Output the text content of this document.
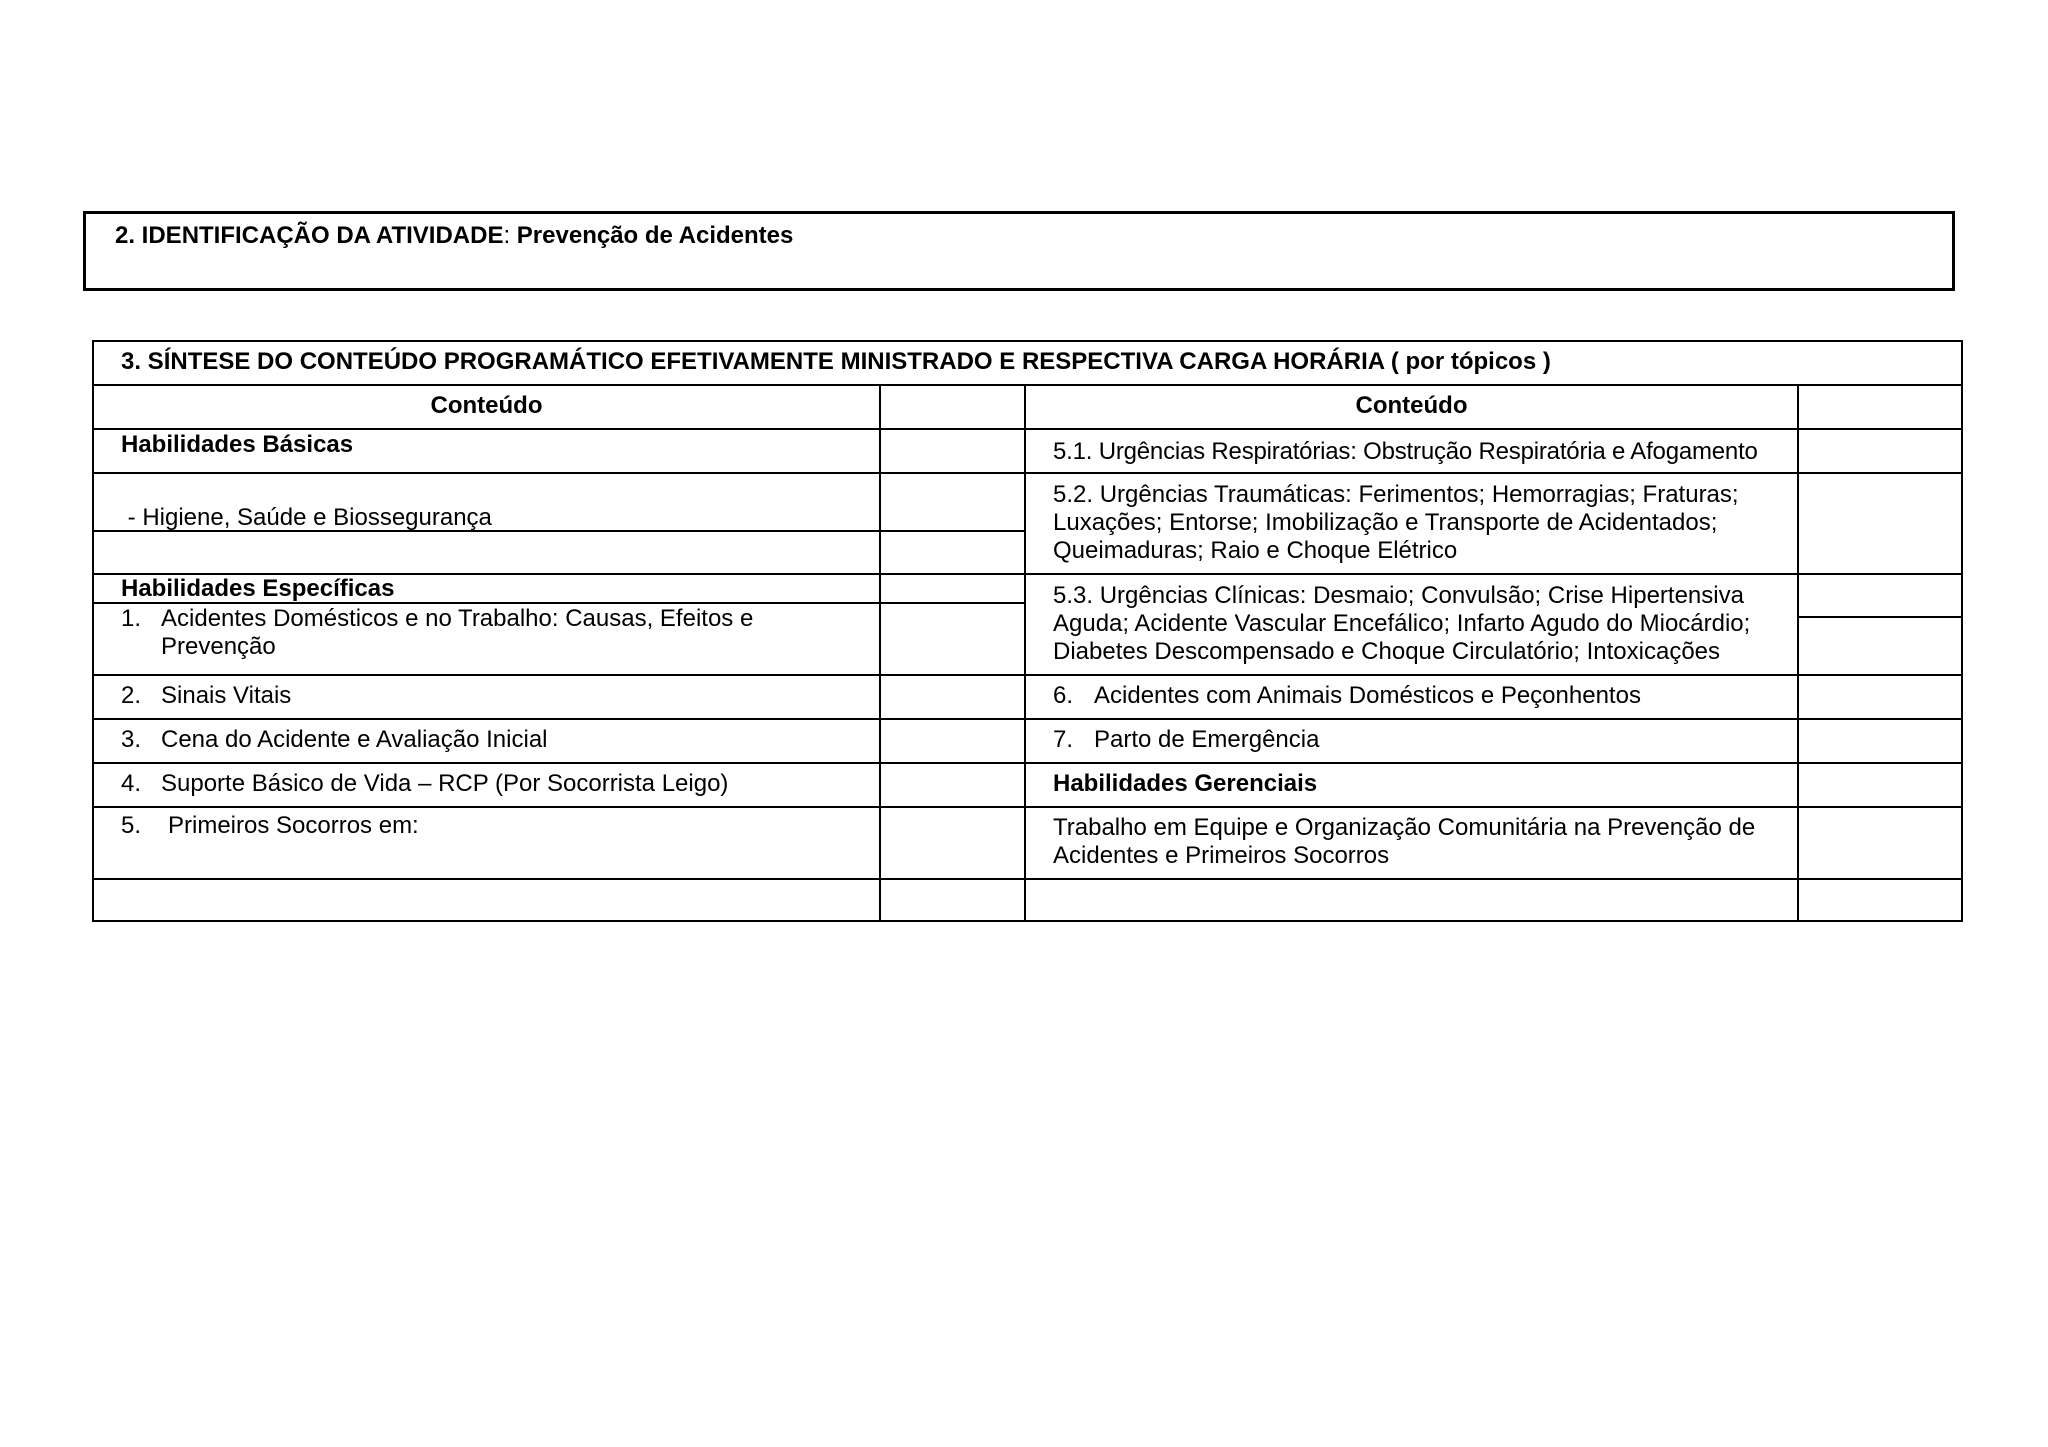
2. IDENTIFICAÇÃO DA ATIVIDADE: Prevenção de Acidentes
3. SÍNTESE DO CONTEÚDO PROGRAMÁTICO EFETIVAMENTE MINISTRADO E RESPECTIVA CARGA HORÁRIA ( por tópicos )
Conteúdo	Conteúdo
Habilidades Básicas
- Higiene, Saúde e Biossegurança
Habilidades Específicas
1. Acidentes Domésticos e no Trabalho: Causas, Efeitos e Prevenção
2. Sinais Vitais
3. Cena do Acidente e Avaliação Inicial
4. Suporte Básico de Vida – RCP (Por Socorrista Leigo)
5. Primeiros Socorros em:
5.1. Urgências Respiratórias: Obstrução Respiratória e Afogamento
5.2. Urgências Traumáticas: Ferimentos; Hemorragias; Fraturas; Luxações; Entorse; Imobilização e Transporte de Acidentados; Queimaduras; Raio e Choque Elétrico
5.3. Urgências Clínicas: Desmaio; Convulsão; Crise Hipertensiva Aguda; Acidente Vascular Encefálico; Infarto Agudo do Miocárdio; Diabetes Descompensado e Choque Circulatório; Intoxicações
6. Acidentes com Animais Domésticos e Peçonhentos
7. Parto de Emergência
Habilidades Gerenciais
Trabalho em Equipe e Organização Comunitária na Prevenção de Acidentes e Primeiros Socorros
